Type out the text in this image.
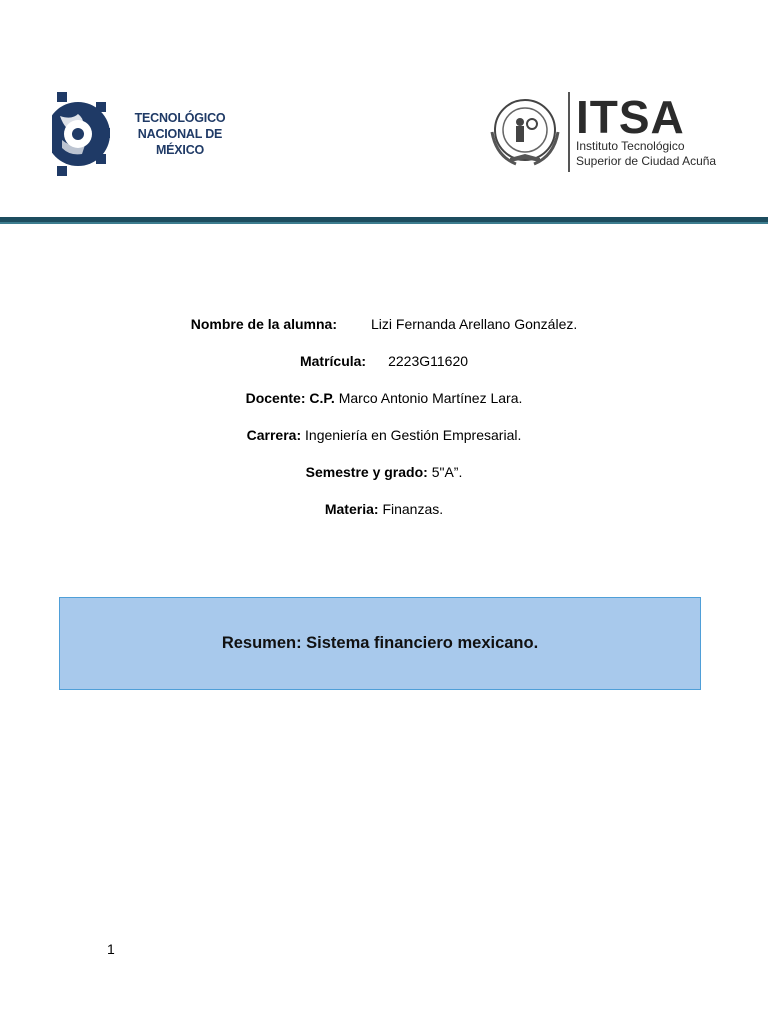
TECNOLÓGICO
NACIONAL DE MÉXICO
ITSA
Instituto Tecnológico
Superior de Ciudad Acuña
Nombre de la alumna: Lizi Fernanda Arellano González.
Matrícula: 2223G11620
Docente: C.P. Marco Antonio Martínez Lara.
Carrera: Ingeniería en Gestión Empresarial.
Semestre y grado: 5"A”.
Materia: Finanzas.
Resumen: Sistema financiero mexicano.
1
